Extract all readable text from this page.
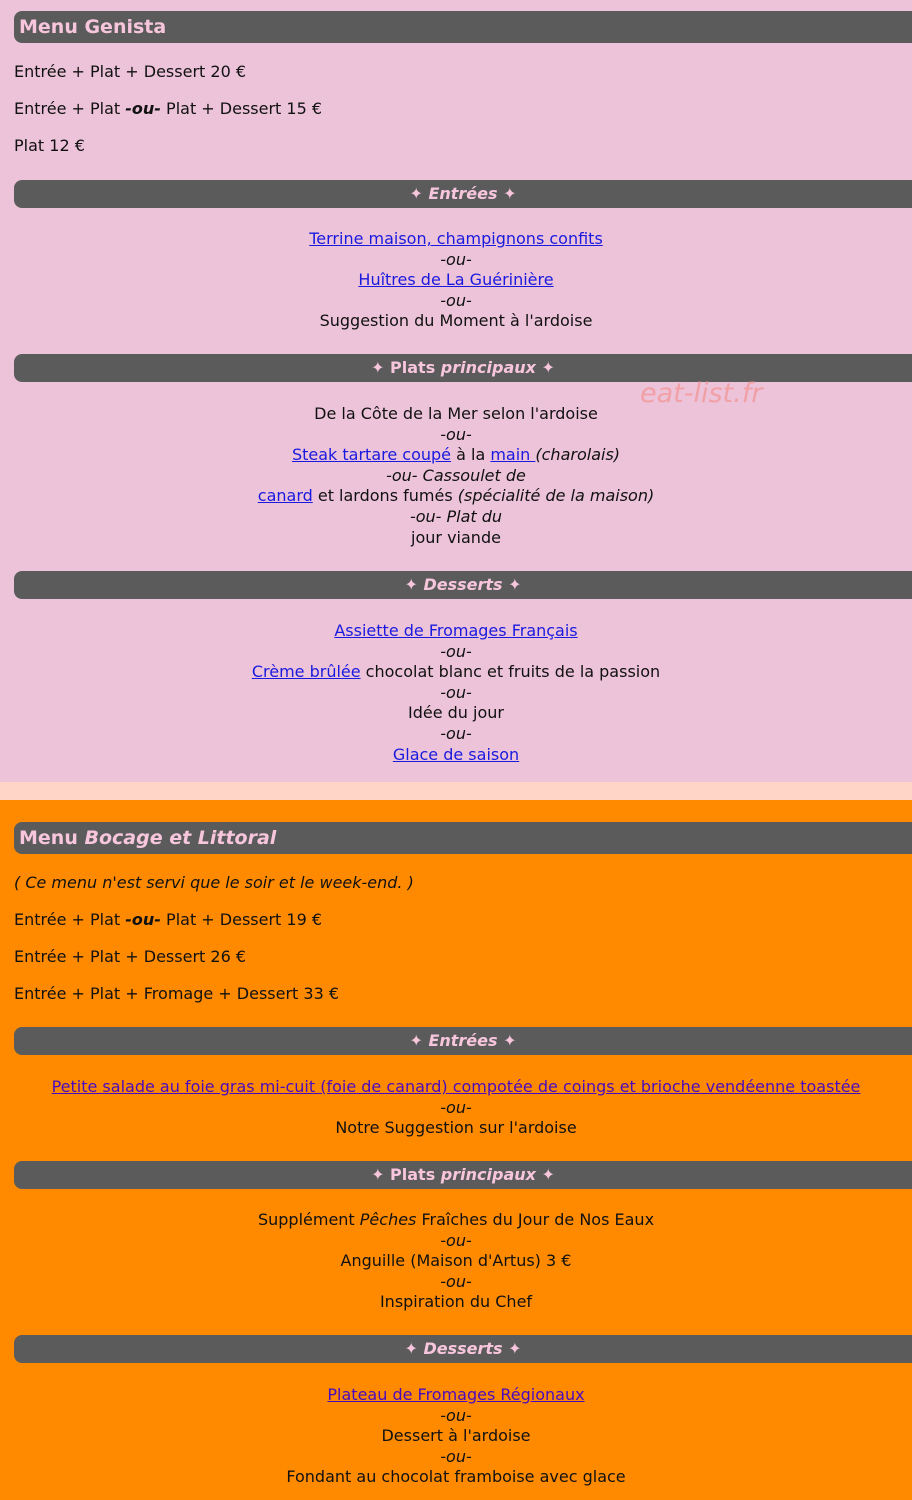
Menu Genista
Entrée + Plat + Dessert 20 €
Entrée + Plat -ou- Plat + Dessert 15 €
Plat 12 €
✦ Entrées ✦
Terrine maison, champignons confits
-ou-
Huîtres de La Guérinière
-ou-
Suggestion du Moment à l'ardoise
✦ Plats principaux ✦
De la Côte de la Mer selon l'ardoise
-ou-
Steak tartare coupé à la main (charolais)
-ou- Cassoulet de
canard et lardons fumés (spécialité de la maison)
-ou- Plat du
jour viande
✦ Desserts ✦
Assiette de Fromages Français
-ou-
Crème brûlée chocolat blanc et fruits de la passion
-ou-
Idée du jour
-ou-
Glace de saison
eat-list.fr
Menu Bocage et Littoral
( Ce menu n'est servi que le soir et le week-end. )
Entrée + Plat -ou- Plat + Dessert 19 €
Entrée + Plat + Dessert 26 €
Entrée + Plat + Fromage + Dessert 33 €
✦ Entrées ✦
Petite salade au foie gras mi-cuit (foie de canard) compotée de coings et brioche vendéenne toastée
-ou-
Notre Suggestion sur l'ardoise
✦ Plats principaux ✦
Supplément Pêches Fraîches du Jour de Nos Eaux
-ou-
Anguille (Maison d'Artus) 3 €
-ou-
Inspiration du Chef
✦ Desserts ✦
Plateau de Fromages Régionaux
-ou-
Dessert à l'ardoise
-ou-
Fondant au chocolat framboise avec glace
